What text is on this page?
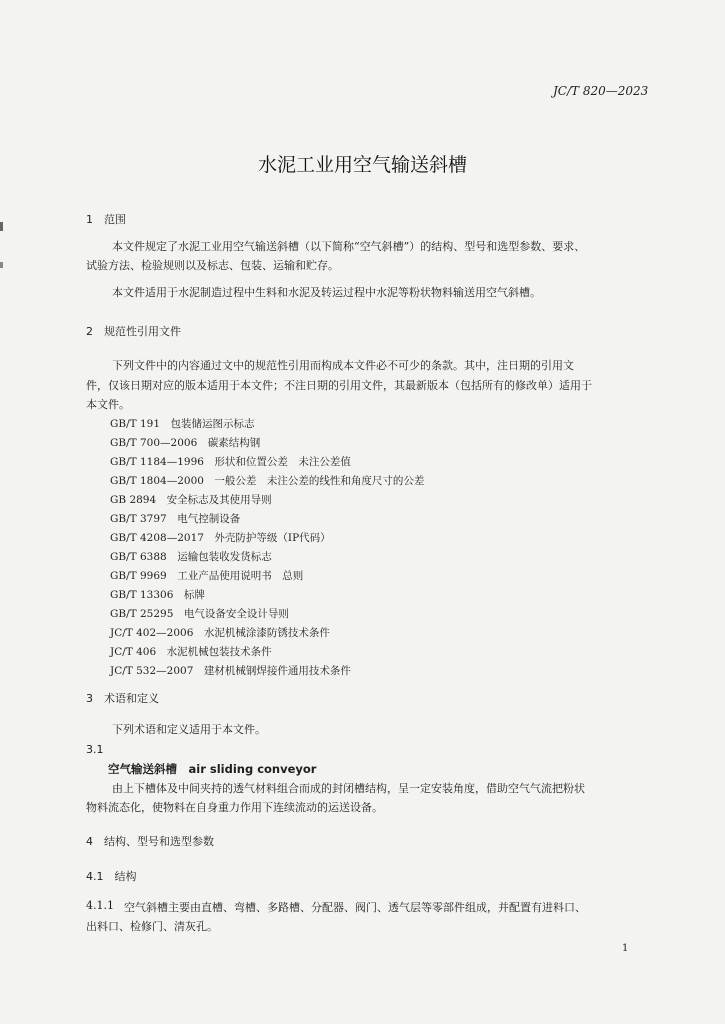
JC/T 820—2023
水泥工业用空气输送斜槽
1　范围
本文件规定了水泥工业用空气输送斜槽（以下简称“空气斜槽”）的结构、型号和选型参数、要求、
试验方法、检验规则以及标志、包装、运输和贮存。
本文件适用于水泥制造过程中生料和水泥及转运过程中水泥等粉状物料输送用空气斜槽。
2　规范性引用文件
下列文件中的内容通过文中的规范性引用而构成本文件必不可少的条款。其中，注日期的引用文
件，仅该日期对应的版本适用于本文件；不注日期的引用文件，其最新版本（包括所有的修改单）适用于
本文件。
GB/T 191　包装储运图示标志
GB/T 700—2006　碳素结构钢
GB/T 1184—1996　形状和位置公差　未注公差值
GB/T 1804—2000　一般公差　未注公差的线性和角度尺寸的公差
GB 2894　安全标志及其使用导则
GB/T 3797　电气控制设备
GB/T 4208—2017　外壳防护等级（IP代码）
GB/T 6388　运输包装收发货标志
GB/T 9969　工业产品使用说明书　总则
GB/T 13306　标牌
GB/T 25295　电气设备安全设计导则
JC/T 402—2006　水泥机械涂漆防锈技术条件
JC/T 406　水泥机械包装技术条件
JC/T 532—2007　建材机械钢焊接件通用技术条件
3　术语和定义
下列术语和定义适用于本文件。
3.1
空气输送斜槽　air sliding conveyor
由上下槽体及中间夹持的透气材料组合而成的封闭槽结构，呈一定安装角度，借助空气气流把粉状
物料流态化，使物料在自身重力作用下连续流动的运送设备。
4　结构、型号和选型参数
4.1　结构
4.1.1 空气斜槽主要由直槽、弯槽、多路槽、分配器、阀门、透气层等零部件组成，并配置有进料口、
出料口、检修门、清灰孔。
1
